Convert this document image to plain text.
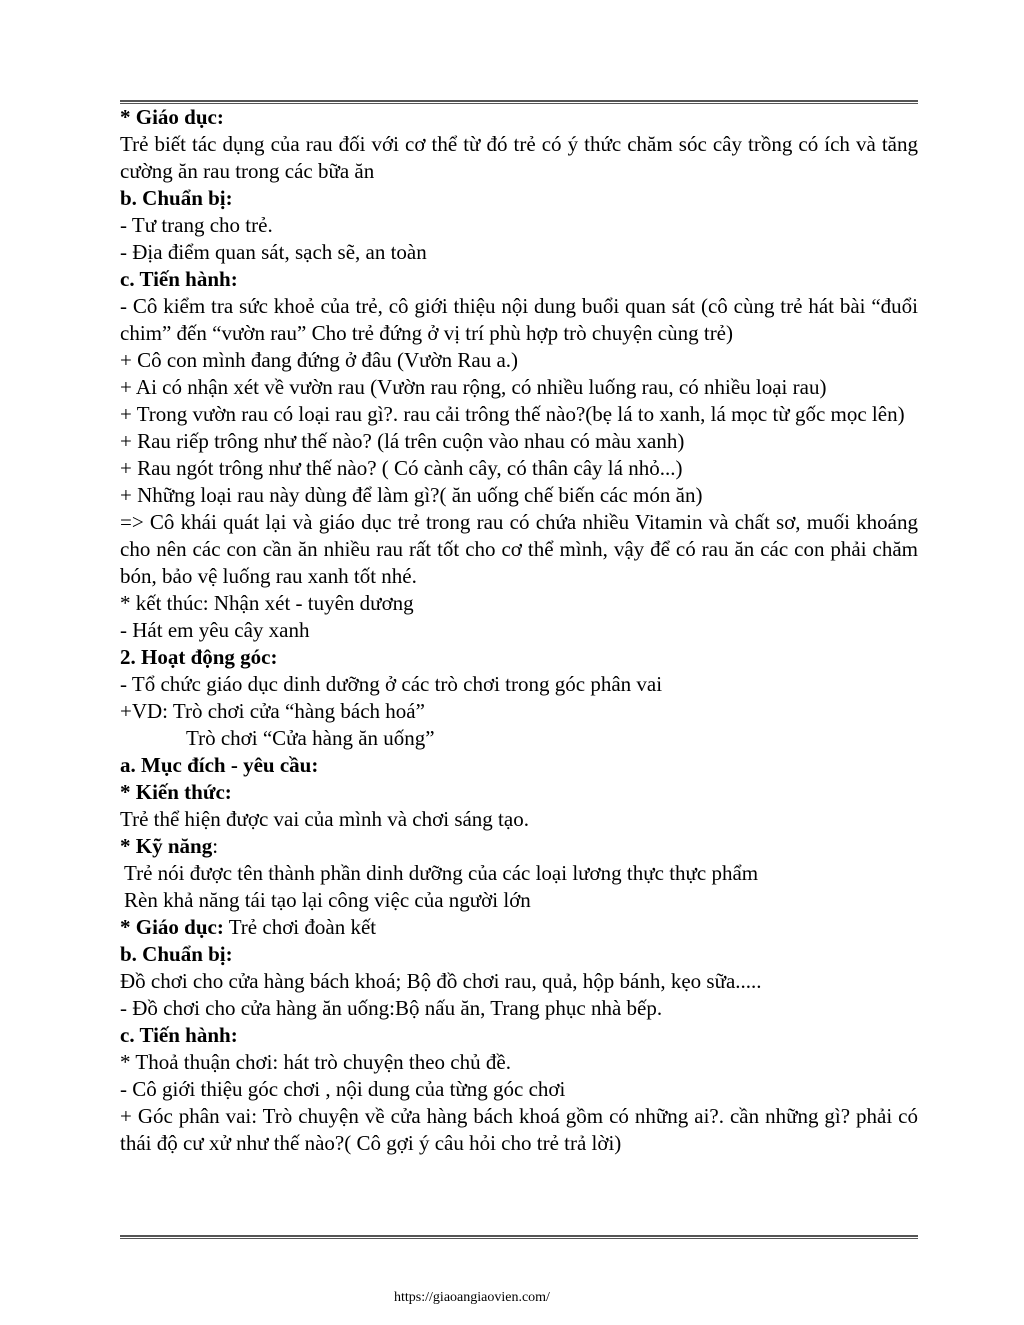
* Giáo dục:

Trẻ biết tác dụng của rau đối với cơ thể từ đó trẻ có ý thức chăm sóc cây trồng có ích và tăng cường ăn rau trong các bữa ăn

b. Chuẩn bị:

- Tư trang cho trẻ.

- Địa điểm quan sát, sạch sẽ, an toàn

c. Tiến hành:

- Cô kiểm tra sức khoẻ của trẻ, cô giới thiệu nội dung buổi quan sát (cô cùng trẻ hát bài “đuổi chim” đến “vườn rau” Cho trẻ đứng ở vị trí phù hợp trò chuyện cùng trẻ)

+ Cô con mình đang đứng ở đâu (Vườn Rau a.)

+ Ai có nhận xét về vườn rau (Vườn rau rộng, có nhiều luống rau, có nhiều loại rau)

+ Trong vườn rau có loại rau gì?. rau cải trông thế nào?(bẹ lá to xanh, lá mọc từ gốc mọc lên)

+ Rau riếp trông như thế nào? (lá trên cuộn vào nhau có màu xanh)

+ Rau ngót trông như thế nào? ( Có cành cây, có thân cây lá nhỏ...)

+ Những loại rau này dùng để làm gì?( ăn uống chế biến các món ăn)

=> Cô khái quát lại và giáo dục trẻ trong rau có chứa nhiều Vitamin và chất sơ, muối khoáng cho nên các con cần ăn nhiều rau rất tốt cho cơ thể mình, vậy để có rau ăn các con phải chăm bón, bảo vệ luống rau xanh tốt nhé.

* kết thúc: Nhận xét - tuyên dương

- Hát em yêu cây xanh

2. Hoạt động góc:

- Tổ chức giáo dục dinh dưỡng ở các trò chơi trong góc phân vai

+VD: Trò chơi cửa “hàng bách hoá”

Trò chơi “Cửa hàng ăn uống”

a. Mục đích - yêu cầu:

* Kiến thức:

Trẻ thể hiện được vai của mình và chơi sáng tạo.

* Kỹ năng:

Trẻ nói được tên thành phần dinh dưỡng của các loại lương thực thực phẩm

Rèn khả năng tái tạo lại công việc của người lớn

* Giáo dục: Trẻ chơi đoàn kết

b. Chuẩn bị:

Đồ chơi cho cửa hàng bách khoá; Bộ đồ chơi rau, quả, hộp bánh, kẹo sữa.....

- Đồ chơi cho cửa hàng ăn uống:Bộ nấu ăn, Trang phục nhà bếp.

c. Tiến hành:

* Thoả thuận chơi: hát trò chuyện theo chủ đề.

- Cô giới thiệu góc chơi , nội dung của từng góc chơi

+ Góc phân vai: Trò chuyện về cửa hàng bách khoá gồm có những ai?. cần những gì? phải có thái độ cư xử như thế nào?( Cô gợi ý câu hỏi cho trẻ trả lời)

https://giaoangiaovien.com/
